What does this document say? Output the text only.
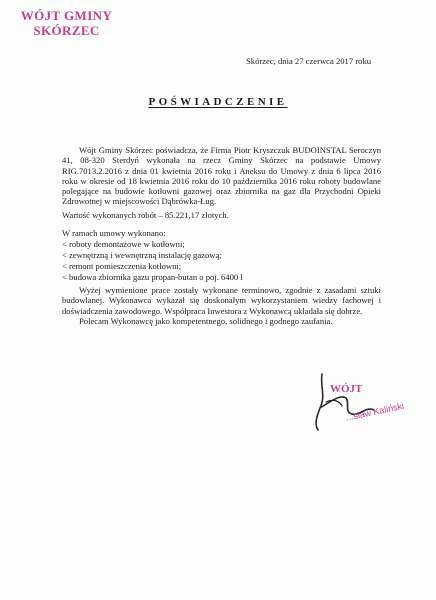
WÓJT GMINY
SKÓRZEC
Skórzec, dnia 27 czerwca 2017 roku
POŚWIADCZENIE

Wójt Gminy Skórzec poświadcza, że Firma Piotr Kryszczuk BUDOINSTAL Seroczyn 41, 08-320 Sterdyń wykonała na rzecz Gminy Skórzec na podstawie Umowy RIG.7013.2.2016 z dnia 01 kwietnia 2016 roku i Aneksu do Umowy z dnia 6 lipca 2016 roku w okresie od 18 kwietnia 2016 roku do 10 października 2016 roku roboty budowlane polegające na budowie kotłowni gazowej oraz zbiornika na gaz dla Przychodni Opieki Zdrowotnej w miejscowości Dąbrówka-Ług.

Wartość wykonanych robót – 85.221,17 złotych.

W ramach umowy wykonano:
< roboty demontażowe w kotłowni;
< zewnętrzną i wewnętrzną instalację gazową;
< remont pomieszczenia kotłowni;
< budowa zbiornika gazu propan-butan o poj. 6400 l

Wyżej wymienione prace zostały wykonane terminowo, zgodnie z zasadami sztuki budowlanej. Wykonawca wykazał się doskonałym wykorzystaniem wiedzy fachowej i doświadczenia zawodowego. Współpraca Inwestora z Wykonawcą układała się dobrze.

Polecam Wykonawcę jako kompetentnego, solidnego i godnego zaufania.

WÓJT
...sław Kaliński
